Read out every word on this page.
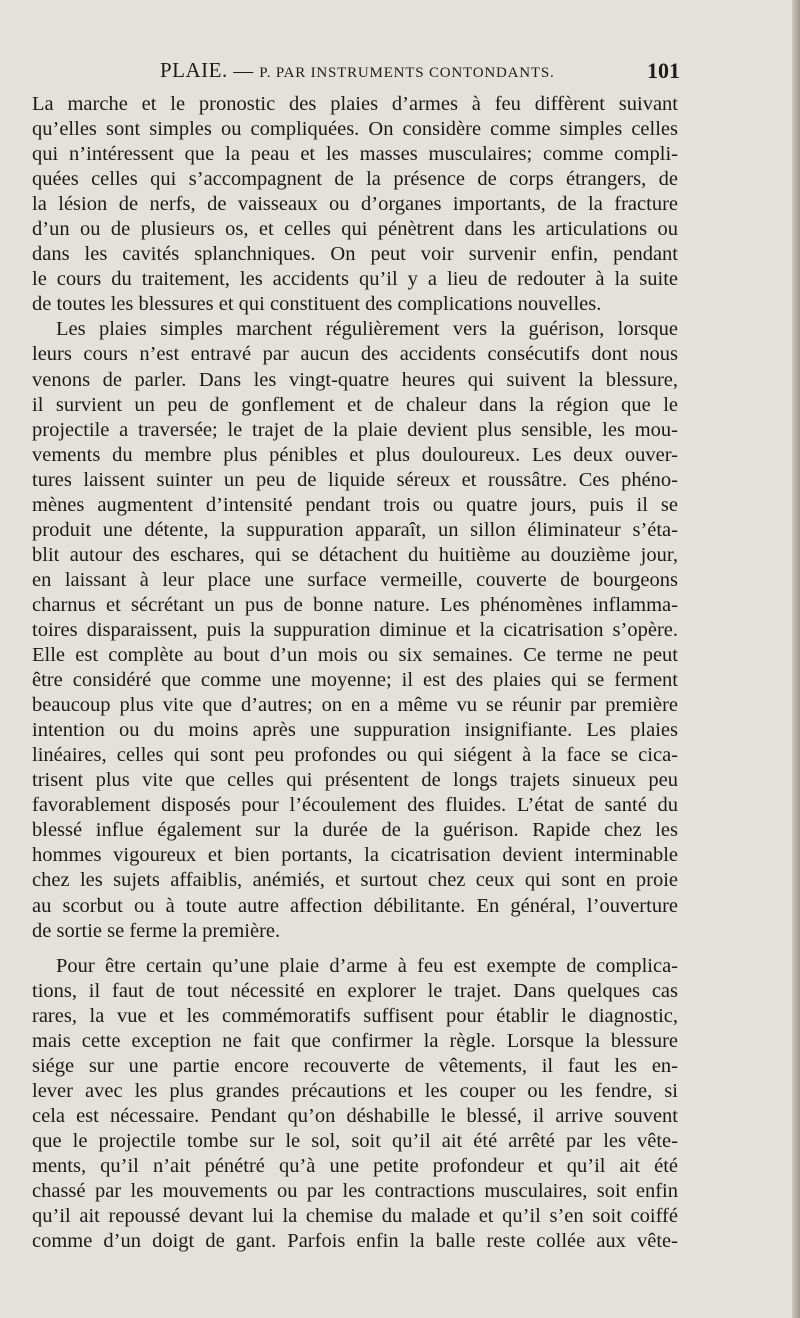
PLAIE. — P. PAR INSTRUMENTS CONTONDANTS.	101
La marche et le pronostic des plaies d’armes à feu diffèrent suivant
qu’elles sont simples ou compliquées. On considère comme simples celles
qui n’intéressent que la peau et les masses musculaires; comme compli-
quées celles qui s’accompagnent de la présence de corps étrangers, de
la lésion de nerfs, de vaisseaux ou d’organes importants, de la fracture
d’un ou de plusieurs os, et celles qui pénètrent dans les articulations ou
dans les cavités splanchniques. On peut voir survenir enfin, pendant
le cours du traitement, les accidents qu’il y a lieu de redouter à la suite
de toutes les blessures et qui constituent des complications nouvelles.
Les plaies simples marchent régulièrement vers la guérison, lorsque
leurs cours n’est entravé par aucun des accidents consécutifs dont nous
venons de parler. Dans les vingt-quatre heures qui suivent la blessure,
il survient un peu de gonflement et de chaleur dans la région que le
projectile a traversée; le trajet de la plaie devient plus sensible, les mou-
vements du membre plus pénibles et plus douloureux. Les deux ouver-
tures laissent suinter un peu de liquide séreux et roussâtre. Ces phéno-
mènes augmentent d’intensité pendant trois ou quatre jours, puis il se
produit une détente, la suppuration apparaît, un sillon éliminateur s’éta-
blit autour des eschares, qui se détachent du huitième au douzième jour,
en laissant à leur place une surface vermeille, couverte de bourgeons
charnus et sécrétant un pus de bonne nature. Les phénomènes inflamma-
toires disparaissent, puis la suppuration diminue et la cicatrisation s’opère.
Elle est complète au bout d’un mois ou six semaines. Ce terme ne peut
être considéré que comme une moyenne; il est des plaies qui se ferment
beaucoup plus vite que d’autres; on en a même vu se réunir par première
intention ou du moins après une suppuration insignifiante. Les plaies
linéaires, celles qui sont peu profondes ou qui siégent à la face se cica-
trisent plus vite que celles qui présentent de longs trajets sinueux peu
favorablement disposés pour l’écoulement des fluides. L’état de santé du
blessé influe également sur la durée de la guérison. Rapide chez les
hommes vigoureux et bien portants, la cicatrisation devient interminable
chez les sujets affaiblis, anémiés, et surtout chez ceux qui sont en proie
au scorbut ou à toute autre affection débilitante. En général, l’ouverture
de sortie se ferme la première.
Pour être certain qu’une plaie d’arme à feu est exempte de complica-
tions, il faut de tout nécessité en explorer le trajet. Dans quelques cas
rares, la vue et les commémoratifs suffisent pour établir le diagnostic,
mais cette exception ne fait que confirmer la règle. Lorsque la blessure
siége sur une partie encore recouverte de vêtements, il faut les en-
lever avec les plus grandes précautions et les couper ou les fendre, si
cela est nécessaire. Pendant qu’on déshabille le blessé, il arrive souvent
que le projectile tombe sur le sol, soit qu’il ait été arrêté par les vête-
ments, qu’il n’ait pénétré qu’à une petite profondeur et qu’il ait été
chassé par les mouvements ou par les contractions musculaires, soit enfin
qu’il ait repoussé devant lui la chemise du malade et qu’il s’en soit coiffé
comme d’un doigt de gant. Parfois enfin la balle reste collée aux vête-
